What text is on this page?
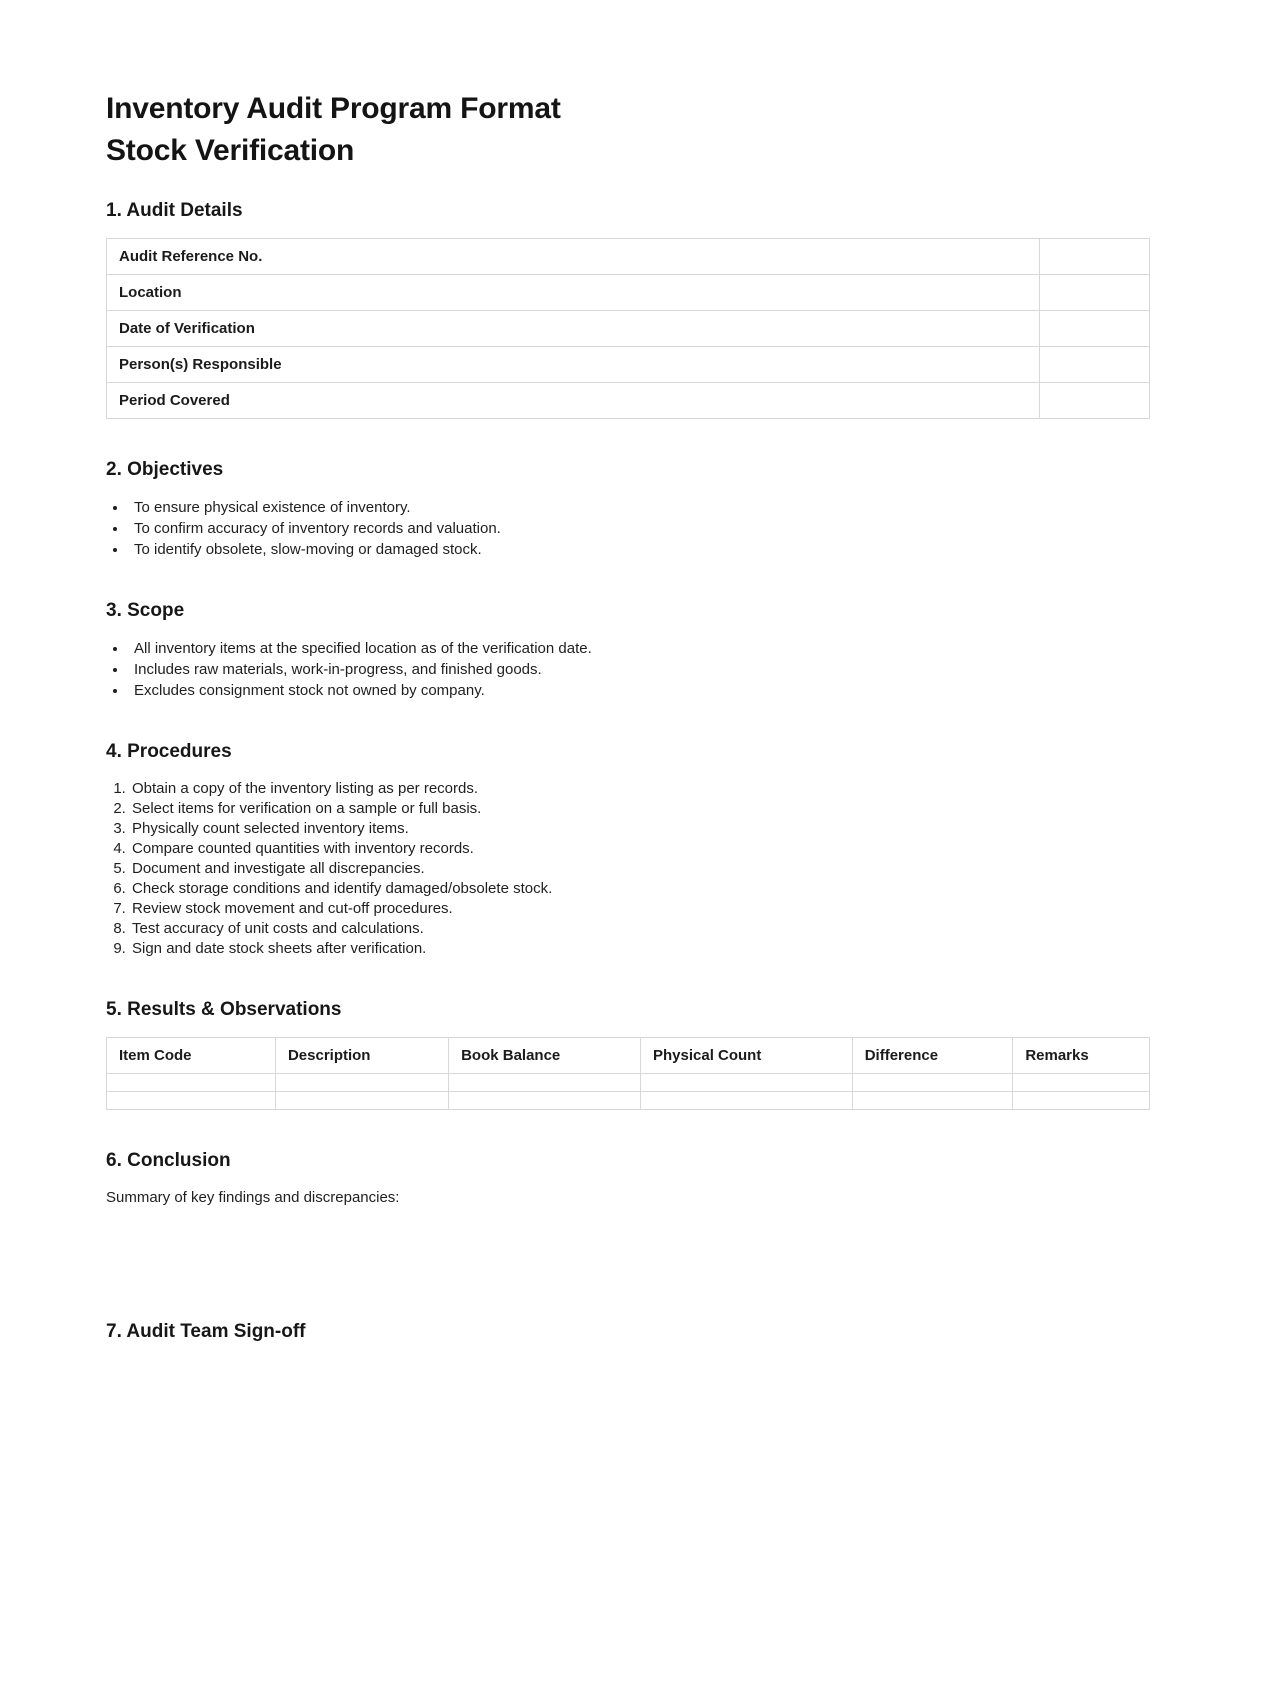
Inventory Audit Program Format
Stock Verification
1. Audit Details
Audit Reference No.	
Location	
Date of Verification	
Person(s) Responsible	
Period Covered	
2. Objectives
• To ensure physical existence of inventory.
• To confirm accuracy of inventory records and valuation.
• To identify obsolete, slow-moving or damaged stock.
3. Scope
• All inventory items at the specified location as of the verification date.
• Includes raw materials, work-in-progress, and finished goods.
• Excludes consignment stock not owned by company.
4. Procedures
1. Obtain a copy of the inventory listing as per records.
2. Select items for verification on a sample or full basis.
3. Physically count selected inventory items.
4. Compare counted quantities with inventory records.
5. Document and investigate all discrepancies.
6. Check storage conditions and identify damaged/obsolete stock.
7. Review stock movement and cut-off procedures.
8. Test accuracy of unit costs and calculations.
9. Sign and date stock sheets after verification.
5. Results & Observations
Item Code	Description	Book Balance	Physical Count	Difference	Remarks

6. Conclusion

Summary of key findings and discrepancies:

7. Audit Team Sign-off
